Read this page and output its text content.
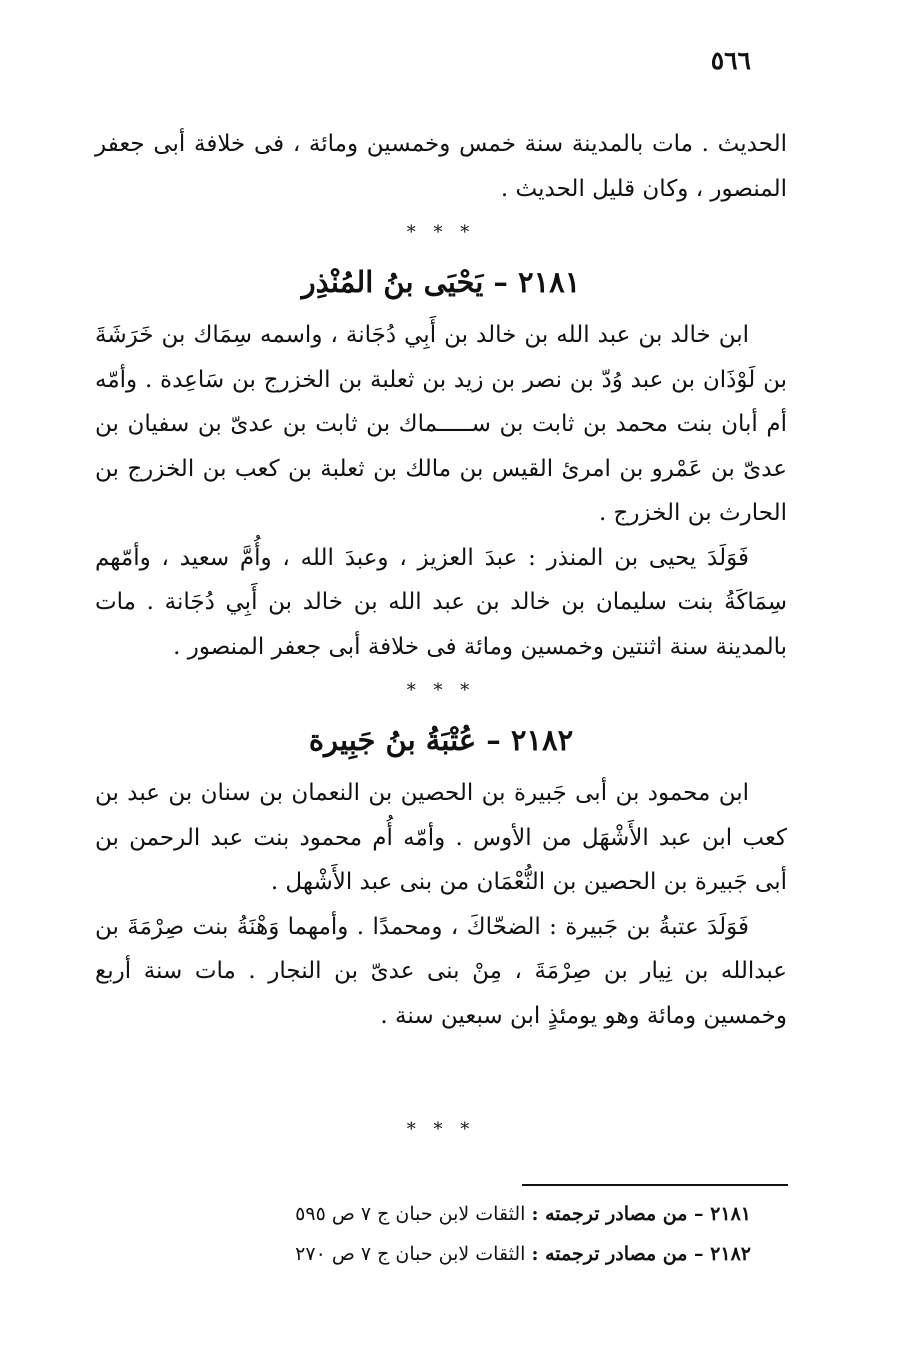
٥٦٦

الحديث . مات بالمدينة سنة خمس وخمسين ومائة ، فى خلافة أبى جعفر المنصور ، وكان قليل الحديث .

* * *
٢١٨١ – يَحْيَى بنُ المُنْذِر

ابن خالد بن عبد الله بن خالد بن أَبِي دُجَانة ، واسمه سِمَاك بن خَرَشَةَ بن لَوْذَان بن عبد وُدّ بن نصر بن زيد بن ثعلبة بن الخزرج بن سَاعِدة . وأمّه أم أبان بنت محمد بن ثابت بن ســـــماك بن ثابت بن عدىّ بن سفيان بن عدىّ بن عَمْرو بن امرئ القيس بن مالك بن ثعلبة بن كعب بن الخزرج بن الحارث بن الخزرج .

فَوَلَدَ يحيى بن المنذر : عبدَ العزيز ، وعبدَ الله ، وأُمَّ سعيد ، وأمّهم سِمَاكَةُ بنت سليمان بن خالد بن عبد الله بن خالد بن أَبِي دُجَانة . مات بالمدينة سنة اثنتين وخمسين ومائة فى خلافة أبى جعفر المنصور .

* * *
٢١٨٢ – عُتْبَةُ بنُ جَبِيرة

ابن محمود بن أبى جَبيرة بن الحصين بن النعمان بن سنان بن عبد بن كعب ابن عبد الأَشْهَل من الأوس . وأمّه أُم محمود بنت عبد الرحمن بن أبى جَبيرة بن الحصين بن النُّعْمَان من بنى عبد الأَشْهل .

فَوَلَدَ عتبةُ بن جَبيرة : الضحّاكَ ، ومحمدًا . وأمهما وَهْنَةُ بنت صِرْمَةَ بن عبدالله بن نِيار بن صِرْمَةَ ، مِنْ بنى عدىّ بن النجار . مات سنة أربع وخمسين ومائة وهو يومئذٍ ابن سبعين سنة .

* * *
٢١٨١ – من مصادر ترجمته : الثقات لابن حبان ج ٧ ص ٥٩٥
٢١٨٢ – من مصادر ترجمته : الثقات لابن حبان ج ٧ ص ٢٧٠
